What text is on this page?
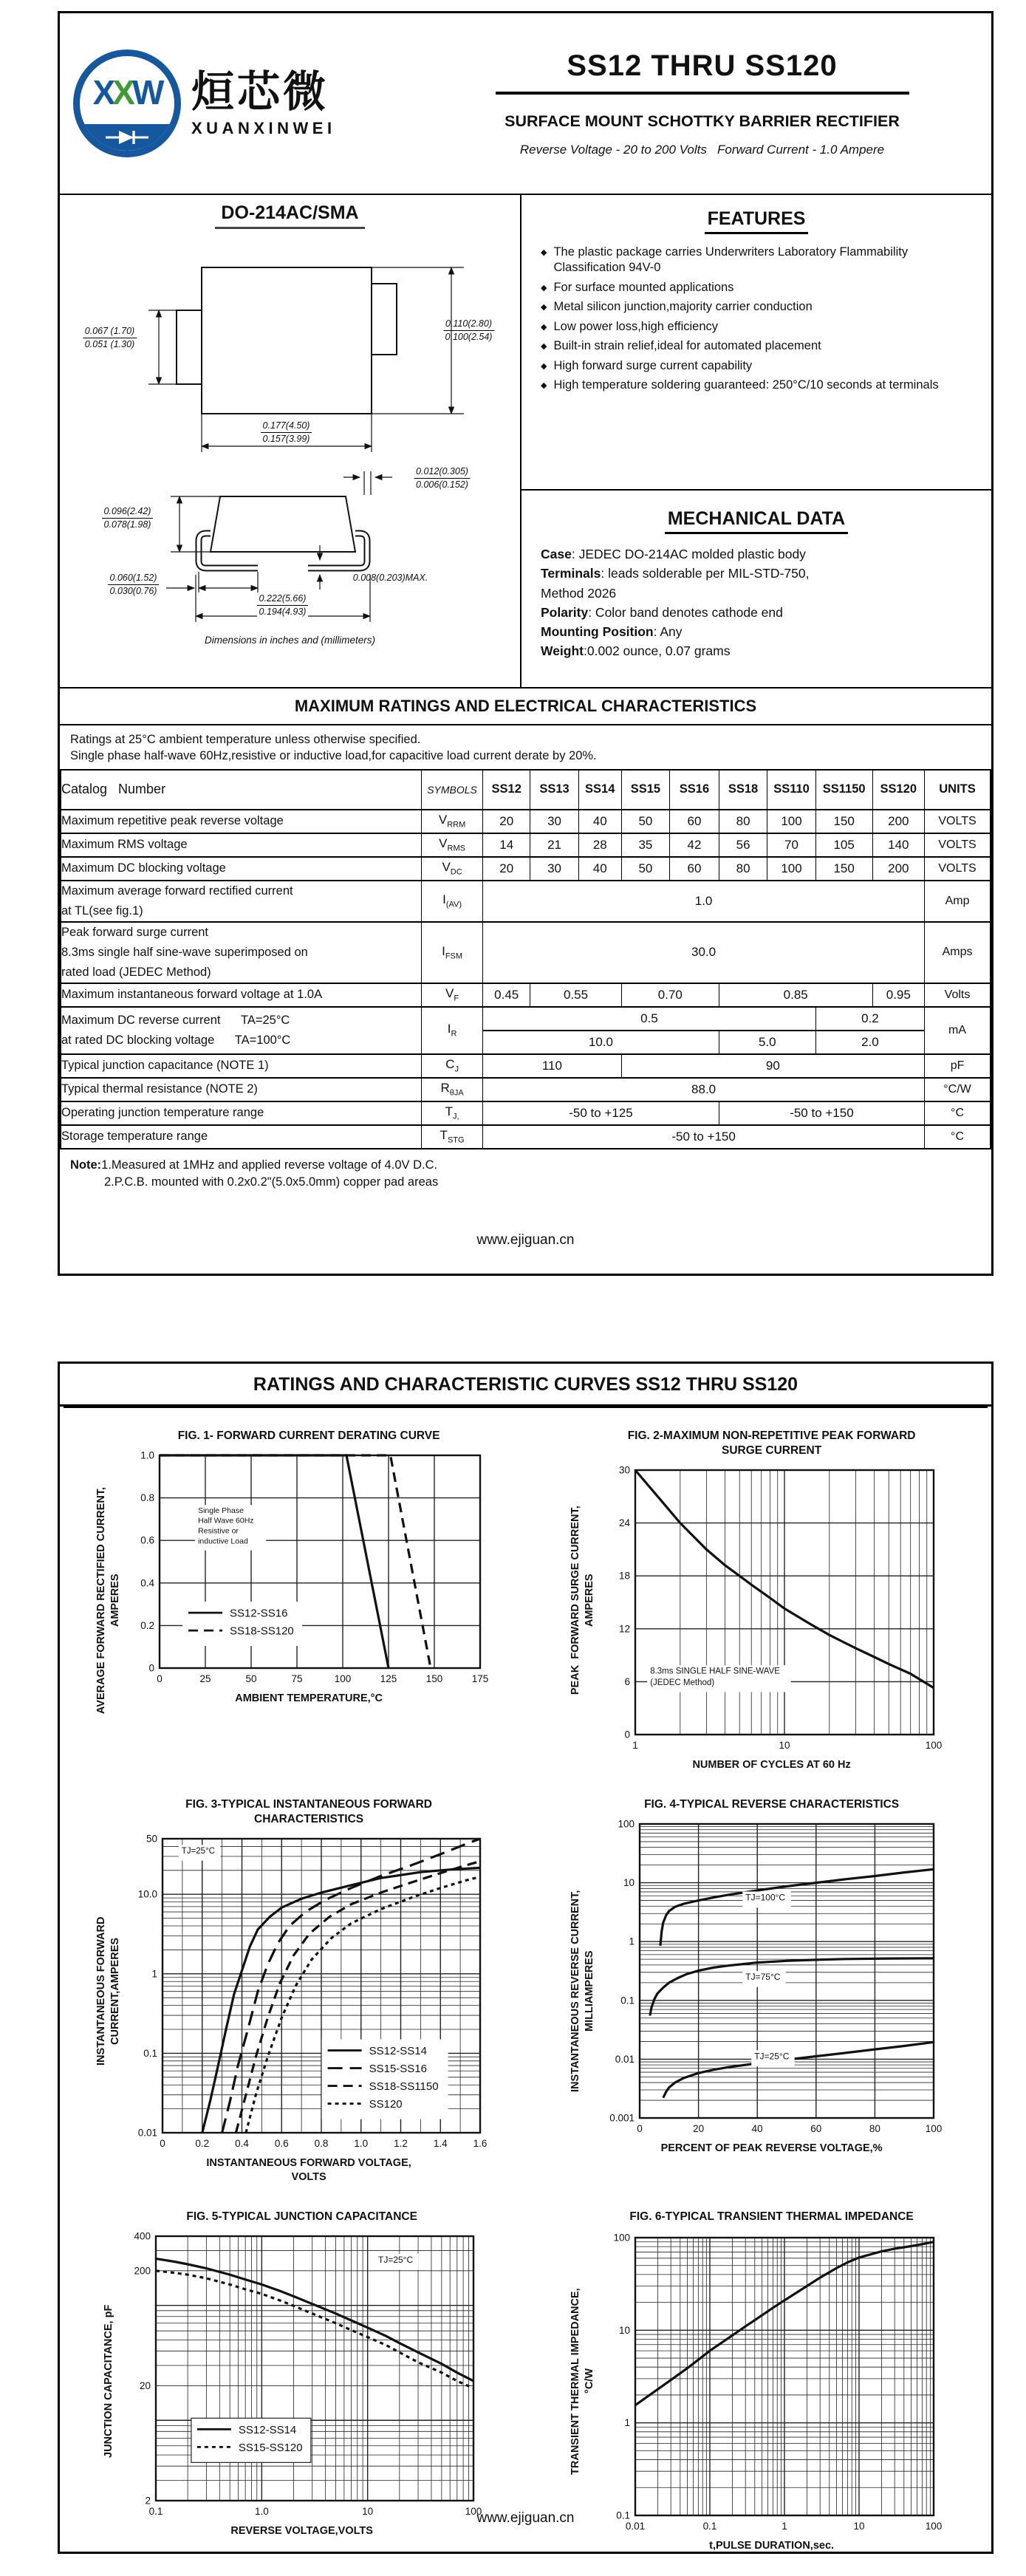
XXW 烜芯微
XUANXINWEI
SS12 THRU SS120
SURFACE MOUNT SCHOTTKY BARRIER RECTIFIER
Reverse Voltage - 20 to 200 Volts   Forward Current - 1.0 Ampere
DO-214AC/SMA
0.067 (1.70)
0.051 (1.30)
0.110(2.80)
0.100(2.54)
0.177(4.50)
0.157(3.99)
0.012(0.305)
0.006(0.152)
0.096(2.42)
0.078(1.98)
0.060(1.52)
0.030(0.76)
0.008(0.203)MAX.
0.222(5.66)
0.194(4.93)
Dimensions in inches and (millimeters)
FEATURES
◆ The plastic package carries Underwriters Laboratory Flammability Classification 94V-0
◆ For surface mounted applications
◆ Metal silicon junction,majority carrier conduction
◆ Low power loss,high efficiency
◆ Built-in strain relief,ideal for automated placement
◆ High forward surge current capability
◆ High temperature soldering guaranteed: 250°C/10 seconds at terminals
MECHANICAL DATA
Case: JEDEC DO-214AC molded plastic body
Terminals: leads solderable per MIL-STD-750,
Method 2026
Polarity: Color band denotes cathode end
Mounting Position: Any
Weight:0.002 ounce, 0.07 grams
MAXIMUM RATINGS AND ELECTRICAL CHARACTERISTICS
Ratings at 25°C ambient temperature unless otherwise specified.
Single phase half-wave 60Hz,resistive or inductive load,for capacitive load current derate by 20%.
Catalog   Number	SYMBOLS	SS12	SS13	SS14	SS15	SS16	SS18	SS110	SS1150	SS120	UNITS

Maximum repetitive peak reverse voltage	$V_{RRM}$	20	30	40	50	60	80	100	150	200	VOLTS

Maximum RMS voltage	$V_{RMS}$	14	21	28	35	42	56	70	105	140	VOLTS

Maximum DC blocking voltage	$V_{DC}$	20	30	40	50	60	80	100	150	200	VOLTS

Maximum average forward rectified current
at TL(see fig.1)	$I_{(AV)}$	1.0									Amp

Peak forward surge current
8.3ms single half sine-wave superimposed on
rated load (JEDEC Method)	$I_{FSM}$	30.0									Amps

Maximum instantaneous forward voltage at 1.0A	$V_F$	0.45	0.55		0.70		0.85			0.95	Volts

Maximum DC reverse current      TA=25°C
at rated DC blocking voltage      TA=100°C	$I_R$	0.5							0.2		mA
		10.0					5.0		2.0		

Typical junction capacitance (NOTE 1)	$C_J$	110			90						pF

Typical thermal resistance (NOTE 2)	$R_{\theta JA}$	88.0									°C/W

Operating junction temperature range	$T_{J,}$	-50 to +125					-50 to +150				°C

Storage temperature range	$T_{STG}$	-50 to +150									°C
Note:1.Measured at 1MHz and applied reverse voltage of 4.0V D.C.
2.P.C.B. mounted with 0.2x0.2"(5.0x5.0mm) copper pad areas
www.ejiguan.cn
RATINGS AND CHARACTERISTIC CURVES SS12 THRU SS120
AVERAGE FORWARD RECTIFIED CURRENT, AMPERES
FIG. 1- FORWARD CURRENT DERATING CURVE
Single Phase
Half Wave 60Hz
Resistive or
inductive Load
SS12-SS16
SS18-SS120
0	25	50	75	100	125	150	175
0
0.2
0.4
0.6
0.8
1.0
AMBIENT TEMPERATURE,°C
PEAK  FORWARD SURGE CURRENT, AMPERES
FIG. 2-MAXIMUM NON-REPETITIVE PEAK FORWARD
SURGE CURRENT
8.3ms SINGLE HALF SINE-WAVE
(JEDEC Method)
1	10	100
0
6
12
18
24
30
NUMBER OF CYCLES AT 60 Hz
INSTANTANEOUS FORWARD CURRENT,AMPERES
FIG. 3-TYPICAL INSTANTANEOUS FORWARD
CHARACTERISTICS
TJ=25°C
SS12-SS14
SS15-SS16
SS18-SS1150
SS120
0	0.2	0.4	0.6	0.8	1.0	1.2	1.4	1.6
0.01
0.1
1
10.0
50
INSTANTANEOUS FORWARD VOLTAGE,
VOLTS
INSTANTANEOUS REVERSE CURRENT, MILLIAMPERES
FIG. 4-TYPICAL REVERSE CHARACTERISTICS
TJ=100°C
TJ=75°C
TJ=25°C
0	20	40	60	80	100
0.001
0.01
0.1
1
10
100
PERCENT OF PEAK REVERSE VOLTAGE,%
JUNCTION CAPACITANCE, pF
FIG. 5-TYPICAL JUNCTION CAPACITANCE
TJ=25°C
SS12-SS14
SS15-SS120
0.1	1.0	10	100
2
20
200
400
REVERSE VOLTAGE,VOLTS
TRANSIENT THERMAL IMPEDANCE, °C/W
FIG. 6-TYPICAL TRANSIENT THERMAL IMPEDANCE
0.01	0.1	1	10	100
0.1
1
10
100
t,PULSE DURATION,sec.
www.ejiguan.cn
